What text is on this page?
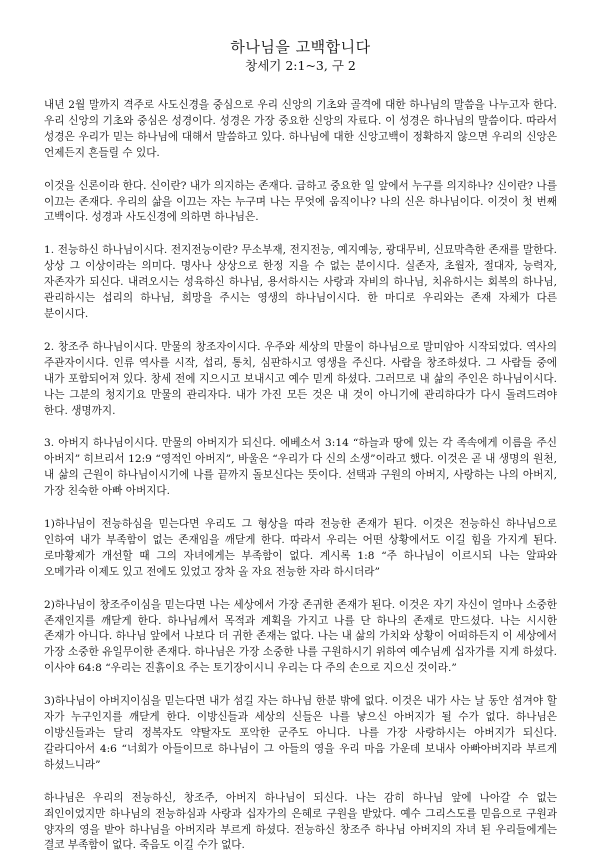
하나님을 고백합니다
창세기 2:1~3, 구 2

내년 2월 말까지 격주로 사도신경을 중심으로 우리 신앙의 기초와 골격에 대한 하나님의 말씀을 나누고자 한다. 우리 신앙의 기초와 중심은 성경이다. 성경은 가장 중요한 신앙의 자료다. 이 성경은 하나님의 말씀이다. 따라서 성경은 우리가 믿는 하나님에 대해서 말씀하고 있다. 하나님에 대한 신앙고백이 정확하지 않으면 우리의 신앙은 언제든지 흔들릴 수 있다.

이것을 신론이라 한다. 신이란? 내가 의지하는 존재다. 급하고 중요한 일 앞에서 누구를 의지하나? 신이란? 나를 이끄는 존재다. 우리의 삶을 이끄는 자는 누구며 나는 무엇에 움직이나? 나의 신은 하나님이다. 이것이 첫 번째 고백이다. 성경과 사도신경에 의하면 하나님은.

1. 전능하신 하나님이시다. 전지전능이란? 무소부재, 전지전능, 예지예능, 광대무비, 신묘막측한 존재를 말한다. 상상 그 이상이라는 의미다. 명사나 상상으로 한정 지을 수 없는 분이시다. 실존자, 초월자, 절대자, 능력자, 자존자가 되신다. 내려오시는 성육하신 하나님, 용서하시는 사랑과 자비의 하나님, 치유하시는 회복의 하나님, 관리하시는 섭리의 하나님, 희망을 주시는 영생의 하나님이시다. 한 마디로 우리와는 존재 자체가 다른 분이시다.

2. 창조주 하나님이시다. 만물의 창조자이시다. 우주와 세상의 만물이 하나님으로 말미암아 시작되었다. 역사의 주관자이시다. 인류 역사를 시작, 섭리, 통치, 심판하시고 영생을 주신다. 사람을 창조하셨다. 그 사람들 중에 내가 포함되어져 있다. 창세 전에 지으시고 보내시고 예수 믿게 하셨다. 그러므로 내 삶의 주인은 하나님이시다. 나는 그분의 청지기요 만물의 관리자다. 내가 가진 모든 것은 내 것이 아니기에 관리하다가 다시 돌려드려야 한다. 생명까지.

3. 아버지 하나님이시다. 만물의 아버지가 되신다. 에베소서 3:14 “하늘과 땅에 있는 각 족속에게 이름을 주신 아버지” 히브리서 12:9 “영적인 아버지”, 바울은 “우리가 다 신의 소생”이라고 했다. 이것은 곧 내 생명의 원천, 내 삶의 근원이 하나님이시기에 나를 끝까지 돌보신다는 뜻이다. 선택과 구원의 아버지, 사랑하는 나의 아버지, 가장 친숙한 아빠 아버지다.

1)하나님이 전능하심을 믿는다면 우리도 그 형상을 따라 전능한 존재가 된다. 이것은 전능하신 하나님으로 인하여 내가 부족함이 없는 존재임을 깨닫게 한다. 따라서 우리는 어떤 상황에서도 이길 힘을 가지게 된다. 로마황제가 개선할 때 그의 자녀에게는 부족함이 없다. 계시록 1:8 “주 하나님이 이르시되 나는 알파와 오메가라 이제도 있고 전에도 있었고 장차 올 자요 전능한 자라 하시더라”

2)하나님이 창조주이심을 믿는다면 나는 세상에서 가장 존귀한 존재가 된다. 이것은 자기 자신이 얼마나 소중한 존재인지를 깨닫게 한다. 하나님께서 목적과 계획을 가지고 나를 단 하나의 존재로 만드셨다. 나는 시시한 존재가 아니다. 하나님 앞에서 나보다 더 귀한 존재는 없다. 나는 내 삶의 가치와 상황이 어떠하든지 이 세상에서 가장 소중한 유일무이한 존재다. 하나님은 가장 소중한 나를 구원하시기 위하여 예수님께 십자가를 지게 하셨다. 이사야 64:8 “우리는 진흙이요 주는 토기장이시니 우리는 다 주의 손으로 지으신 것이라.”

3)하나님이 아버지이심을 믿는다면 내가 섬길 자는 하나님 한분 밖에 없다. 이것은 내가 사는 날 동안 섬겨야 할 자가 누구인지를 깨닫게 한다. 이방신들과 세상의 신들은 나를 낳으신 아버지가 될 수가 없다. 하나님은 이방신들과는 달리 정복자도 약탈자도 포악한 군주도 아니다. 나를 가장 사랑하시는 아버지가 되신다. 갈라디아서 4:6 “너희가 아들이므로 하나님이 그 아들의 영을 우리 마음 가운데 보내사 아빠아버지라 부르게 하셨느니라”

하나님은 우리의 전능하신, 창조주, 아버지 하나님이 되신다. 나는 감히 하나님 앞에 나아갈 수 없는 죄인이었지만 하나님의 전능하심과 사랑과 십자가의 은혜로 구원을 받았다. 예수 그리스도를 믿음으로 구원과 양자의 영을 받아 하나님을 아버지라 부르게 하셨다. 전능하신 창조주 하나님 아버지의 자녀 된 우리들에게는 결코 부족함이 없다. 죽음도 이길 수가 없다.
